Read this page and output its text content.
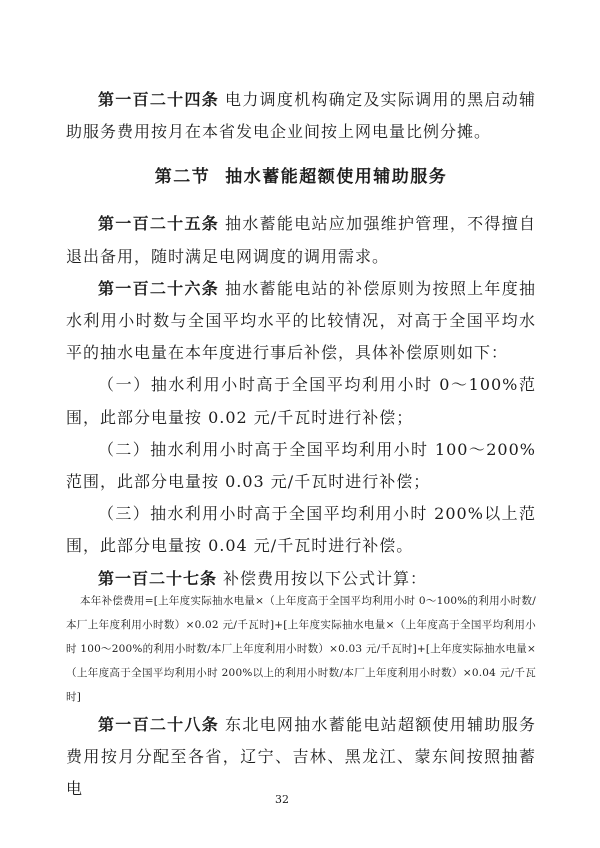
第一百二十四条 电力调度机构确定及实际调用的黑启动辅助服务费用按月在本省发电企业间按上网电量比例分摊。

第二节 抽水蓄能超额使用辅助服务

第一百二十五条 抽水蓄能电站应加强维护管理，不得擅自退出备用，随时满足电网调度的调用需求。

第一百二十六条 抽水蓄能电站的补偿原则为按照上年度抽水利用小时数与全国平均水平的比较情况，对高于全国平均水平的抽水电量在本年度进行事后补偿，具体补偿原则如下：

（一）抽水利用小时高于全国平均利用小时 0～100%范围，此部分电量按 0.02 元/千瓦时进行补偿；

（二）抽水利用小时高于全国平均利用小时 100～200%范围，此部分电量按 0.03 元/千瓦时进行补偿；

（三）抽水利用小时高于全国平均利用小时 200%以上范围，此部分电量按 0.04 元/千瓦时进行补偿。

第一百二十七条 补偿费用按以下公式计算：

本年补偿费用=[上年度实际抽水电量×（上年度高于全国平均利用小时 0～100%的利用小时数/本厂上年度利用小时数）×0.02 元/千瓦时]+[上年度实际抽水电量×（上年度高于全国平均利用小时 100～200%的利用小时数/本厂上年度利用小时数）×0.03 元/千瓦时]+[上年度实际抽水电量×（上年度高于全国平均利用小时 200%以上的利用小时数/本厂上年度利用小时数）×0.04 元/千瓦时]

第一百二十八条 东北电网抽水蓄能电站超额使用辅助服务费用按月分配至各省，辽宁、吉林、黑龙江、蒙东间按照抽蓄电

32
